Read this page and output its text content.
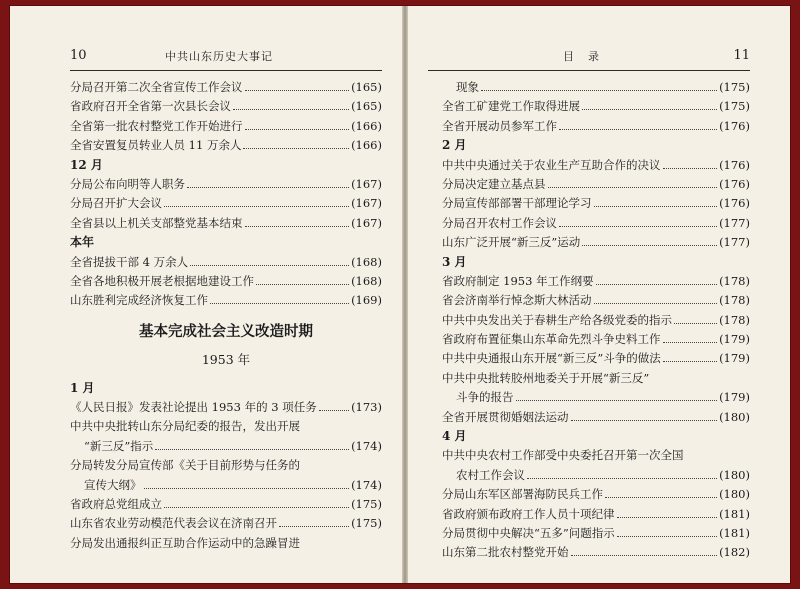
10	中共山东历史大事记
分局召开第二次全省宣传工作会议	(165)
省政府召开全省第一次县长会议	(165)
全省第一批农村整党工作开始进行	(166)
全省安置复员转业人员 11 万余人	(166)
12 月
分局公布向明等人职务	(167)
分局召开扩大会议	(167)
全省县以上机关支部整党基本结束	(167)
本年
全省提拔干部 4 万余人	(168)
全省各地积极开展老根据地建设工作	(168)
山东胜利完成经济恢复工作	(169)
基本完成社会主义改造时期
1953 年
1 月
《人民日报》发表社论提出 1953 年的 3 项任务	(173)
中共中央批转山东分局纪委的报告，发出开展
“新三反”指示	(174)
分局转发分局宣传部《关于目前形势与任务的
宣传大纲》	(174)
省政府总党组成立	(175)
山东省农业劳动模范代表会议在济南召开	(175)
分局发出通报纠正互助合作运动中的急躁冒进
目录	11
现象	(175)
全省工矿建党工作取得进展	(175)
全省开展动员参军工作	(176)
2 月
中共中央通过关于农业生产互助合作的决议	(176)
分局决定建立基点县	(176)
分局宣传部部署干部理论学习	(176)
分局召开农村工作会议	(177)
山东广泛开展“新三反”运动	(177)
3 月
省政府制定 1953 年工作纲要	(178)
省会济南举行悼念斯大林活动	(178)
中共中央发出关于春耕生产给各级党委的指示	(178)
省政府布置征集山东革命先烈斗争史料工作	(179)
中共中央通报山东开展“新三反”斗争的做法	(179)
中共中央批转胶州地委关于开展“新三反”
斗争的报告	(179)
全省开展贯彻婚姻法运动	(180)
4 月
中共中央农村工作部受中央委托召开第一次全国
农村工作会议	(180)
分局山东军区部署海防民兵工作	(180)
省政府颁布政府工作人员十项纪律	(181)
分局贯彻中央解决“五多”问题指示	(181)
山东第二批农村整党开始	(182)
